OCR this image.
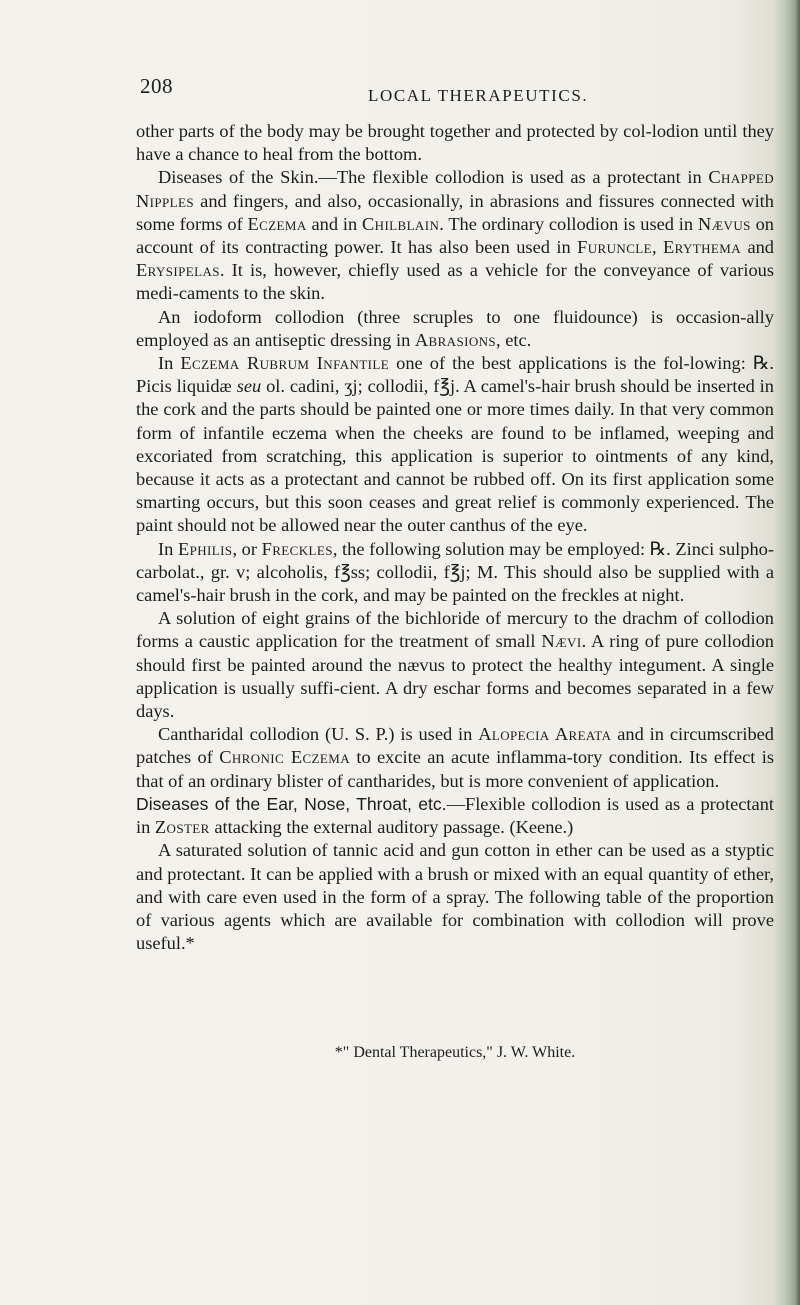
208	LOCAL THERAPEUTICS.

other parts of the body may be brought together and protected by col-lodion until they have a chance to heal from the bottom.

Diseases of the Skin.—The flexible collodion is used as a protectant in Chapped Nipples and fingers, and also, occasionally, in abrasions and fissures connected with some forms of Eczema and in Chilblain. The ordinary collodion is used in Nævus on account of its contracting power. It has also been used in Furuncle, Erythema and Erysipelas. It is, however, chiefly used as a vehicle for the conveyance of various medi-caments to the skin.

An iodoform collodion (three scruples to one fluidounce) is occasion-ally employed as an antiseptic dressing in Abrasions, etc.

In Eczema Rubrum Infantile one of the best applications is the fol-lowing: ℞. Picis liquidæ seu ol. cadini, ʒj; collodii, f℥j. A camel's-hair brush should be inserted in the cork and the parts should be painted one or more times daily. In that very common form of infantile eczema when the cheeks are found to be inflamed, weeping and excoriated from scratching, this application is superior to ointments of any kind, because it acts as a protectant and cannot be rubbed off. On its first application some smarting occurs, but this soon ceases and great relief is commonly experienced. The paint should not be allowed near the outer canthus of the eye.

In Ephilis, or Freckles, the following solution may be employed: ℞. Zinci sulpho-carbolat., gr. v; alcoholis, f℥ss; collodii, f℥j; M. This should also be supplied with a camel's-hair brush in the cork, and may be painted on the freckles at night.

A solution of eight grains of the bichloride of mercury to the drachm of collodion forms a caustic application for the treatment of small Nævi. A ring of pure collodion should first be painted around the nævus to protect the healthy integument. A single application is usually suffi-cient. A dry eschar forms and becomes separated in a few days.

Cantharidal collodion (U. S. P.) is used in Alopecia Areata and in circumscribed patches of Chronic Eczema to excite an acute inflamma-tory condition. Its effect is that of an ordinary blister of cantharides, but is more convenient of application.

Diseases of the Ear, Nose, Throat, etc.—Flexible collodion is used as a protectant in Zoster attacking the external auditory passage. (Keene.)

A saturated solution of tannic acid and gun cotton in ether can be used as a styptic and protectant. It can be applied with a brush or mixed with an equal quantity of ether, and with care even used in the form of a spray. The following table of the proportion of various agents which are available for combination with collodion will prove useful.*

*" Dental Therapeutics," J. W. White.
